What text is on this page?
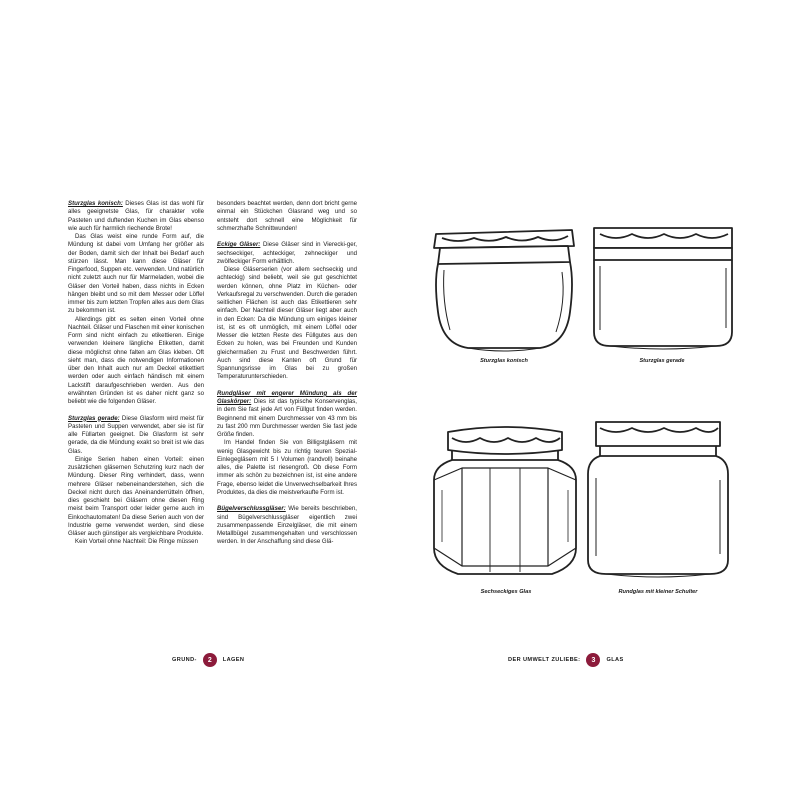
Sturzglas konisch: Dieses Glas ist das wohl für alles geeignetste Glas, für charakter volle Pasteten und duftenden Kuchen im Glas ebenso wie auch für harmlich riechende Brote!

Das Glas weist eine runde Form auf, die Mündung ist dabei vom Umfang her größer als der Boden, damit sich der Inhalt bei Bedarf auch stürzen lässt. Man kann diese Gläser für Fingerfood, Suppen etc. verwenden. Und natürlich nicht zuletzt auch nur für Marmeladen, wobei die Gläser den Vorteil haben, dass nichts in Ecken hängen bleibt und so mit dem Messer oder Löffel immer bis zum letzten Tropfen alles aus dem Glas zu bekommen ist.

Allerdings gibt es selten einen Vorteil ohne Nachteil. Gläser und Flaschen mit einer konischen Form sind nicht einfach zu etikettieren. Einige verwenden kleinere längliche Etiketten, damit diese möglichst ohne falten am Glas kleben. Oft sieht man, dass die notwendigen Informationen über den Inhalt auch nur am Deckel etikettiert werden oder auch einfach händisch mit einem Lackstift daraufgeschrieben werden. Aus den erwähnten Gründen ist es daher nicht ganz so beliebt wie die folgenden Gläser.

Sturzglas gerade: Diese Glasform wird meist für Pasteten und Suppen verwendet, aber sie ist für alle Füllarten geeignet. Die Glasform ist sehr gerade, da die Mündung exakt so breit ist wie das Glas.

Einige Serien haben einen Vorteil: einen zusätzlichen gläsernen Schutzring kurz nach der Mündung. Dieser Ring verhindert, dass, wenn mehrere Gläser nebeneinanderstehen, sich die Deckel nicht durch das Aneinanderrütteln öffnen, dies geschieht bei Gläsern ohne diesen Ring meist beim Transport oder leider gerne auch im Einkochautomaten! Da diese Serien auch von der Industrie gerne verwendet werden, sind diese Gläser auch günstiger als vergleichbare Produkte.

Kein Vorteil ohne Nachteil: Die Ringe müssen

besonders beachtet werden, denn dort bricht gerne einmal ein Stückchen Glasrand weg und so entsteht dort schnell eine Möglichkeit für schmerzhafte Schnittwunden!

Eckige Gläser: Diese Gläser sind in Vierecki-ger, sechseckiger, achteckiger, zehneckiger und zwölfeckiger Form erhältlich.

Diese Gläserserien (vor allem sechseckig und achteckig) sind beliebt, weil sie gut geschichtet werden können, ohne Platz im Küchen- oder Verkaufsregal zu verschwenden. Durch die geraden seitlichen Flächen ist auch das Etikettieren sehr einfach. Der Nachteil dieser Gläser liegt aber auch in den Ecken: Da die Mündung um einiges kleiner ist, ist es oft unmöglich, mit einem Löffel oder Messer die letzten Reste des Füllgutes aus den Ecken zu holen, was bei Freunden und Kunden gleichermaßen zu Frust und Beschwerden führt. Auch sind diese Kanten oft Grund für Spannungsrisse im Glas bei zu großen Temperaturunterschieden.

Rundgläser mit engerer Mündung als der Glaskörper: Dies ist das typische Konservenglas, in dem Sie fast jede Art von Füllgut finden werden. Beginnend mit einem Durchmesser von 43 mm bis zu fast 200 mm Durchmesser werden Sie fast jede Größe finden.

Im Handel finden Sie von Billigstgläsern mit wenig Glasgewicht bis zu richtig teuren Spezial-Einlegegläsern mit 5 l Volumen (randvoll) beinahe alles, die Palette ist riesengroß. Ob diese Form immer als schön zu bezeichnen ist, ist eine andere Frage, ebenso leidet die Unverwechselbarkeit Ihres Produktes, da dies die meistverkaufte Form ist.

Bügelverschlussgläser: Wie bereits beschrieben, sind Bügelverschlussgläser eigentlich zwei zusammenpassende Einzelgläser, die mit einem Metallbügel zusammengehalten und verschlossen werden. In der Anschaffung sind diese Glä-

GRUND-	2	LAGEN	DER UMWELT ZULIEBE:	3	GLAS
Sturzglas konisch	Sturzglas gerade
Sechseckiges Glas	Rundglas mit kleiner Schulter
